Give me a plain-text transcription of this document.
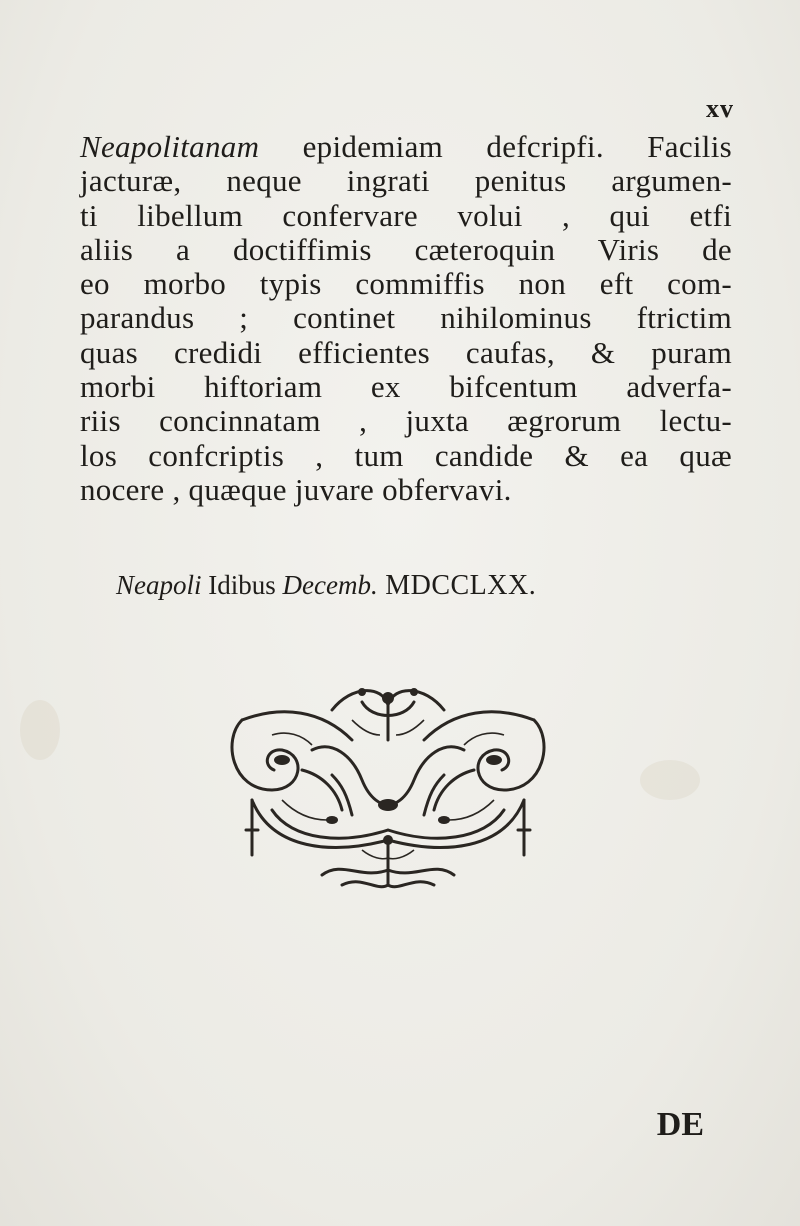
xv

Neapolitanam epidemiam defcripfi. Facilis
jacturæ, neque ingrati penitus argumen-
ti libellum confervare volui , qui etfi
aliis a doctiffimis cæteroquin Viris de
eo morbo typis commiffis non eft com-
parandus ; continet nihilominus ftrictim
quas credidi efficientes caufas, & puram
morbi hiftoriam ex bifcentum adverfa-
riis concinnatam , juxta ægrorum lectu-
los confcriptis , tum candide & ea quæ
nocere , quæque juvare obfervavi.

Neapoli Idibus Decemb. MDCCLXX.

DE
